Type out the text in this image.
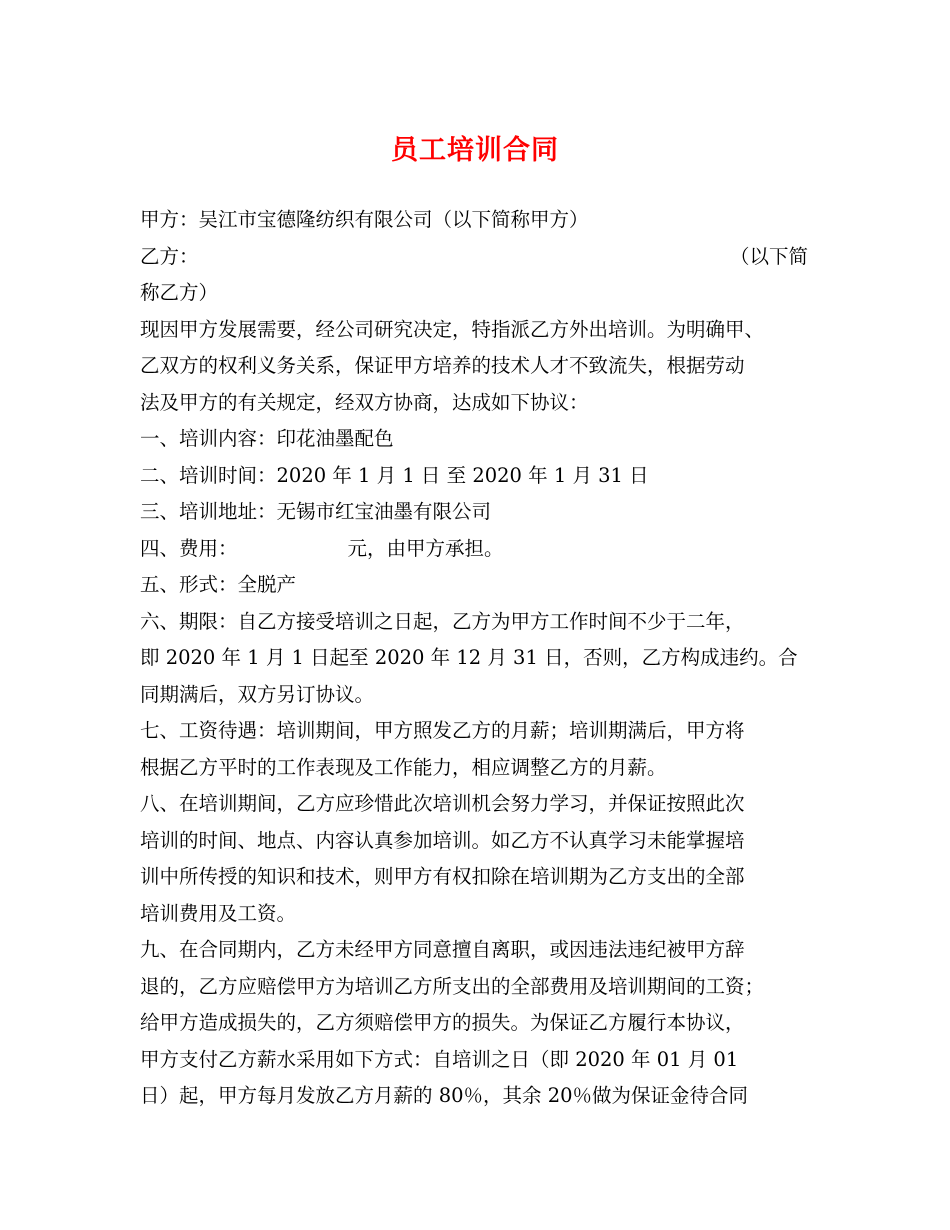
员工培训合同
甲方：吴江市宝德隆纺织有限公司（以下简称甲方）
乙方：	（以下简
称乙方）
现因甲方发展需要，经公司研究决定，特指派乙方外出培训。为明确甲、
乙双方的权利义务关系，保证甲方培养的技术人才不致流失，根据劳动
法及甲方的有关规定，经双方协商，达成如下协议：
一、培训内容：印花油墨配色
二、培训时间：2020 年 1 月 1 日 至 2020 年 1 月 31 日
三、培训地址：无锡市红宝油墨有限公司
四、费用：	元，由甲方承担。
五、形式：全脱产
六、期限：自乙方接受培训之日起，乙方为甲方工作时间不少于二年，
即 2020 年 1 月 1 日起至 2020 年 12 月 31 日，否则，乙方构成违约。合
同期满后，双方另订协议。
七、工资待遇：培训期间，甲方照发乙方的月薪；培训期满后，甲方将
根据乙方平时的工作表现及工作能力，相应调整乙方的月薪。
八、在培训期间，乙方应珍惜此次培训机会努力学习，并保证按照此次
培训的时间、地点、内容认真参加培训。如乙方不认真学习未能掌握培
训中所传授的知识和技术，则甲方有权扣除在培训期为乙方支出的全部
培训费用及工资。
九、在合同期内，乙方未经甲方同意擅自离职，或因违法违纪被甲方辞
退的，乙方应赔偿甲方为培训乙方所支出的全部费用及培训期间的工资；
给甲方造成损失的，乙方须赔偿甲方的损失。为保证乙方履行本协议，
甲方支付乙方薪水采用如下方式：自培训之日（即 2020 年 01 月 01
日）起，甲方每月发放乙方月薪的 80％，其余 20％做为保证金待合同
